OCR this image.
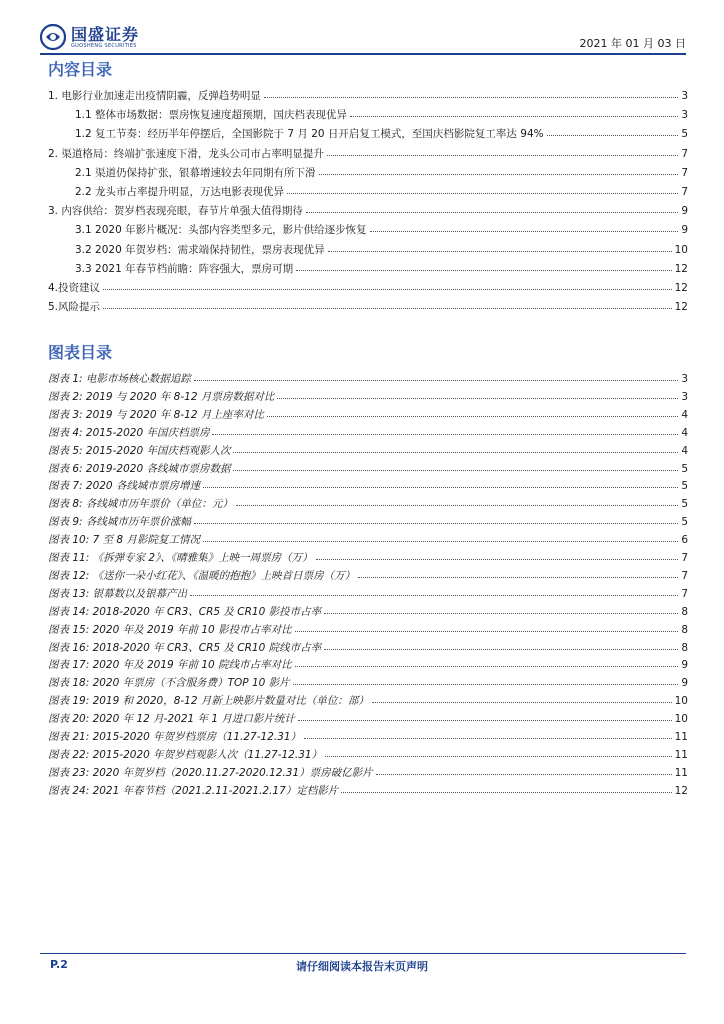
国盛证券
GUOSHENG SECURITIES	2021 年 01 月 03 日
内容目录
1. 电影行业加速走出疫情阴霾，反弹趋势明显	3
1.1 整体市场数据：票房恢复速度超预期，国庆档表现优异	3
1.2 复工节奏：经历半年停摆后，全国影院于 7 月 20 日开启复工模式，至国庆档影院复工率达 94%	5
2. 渠道格局：终端扩张速度下滑，龙头公司市占率明显提升	7
2.1 渠道仍保持扩张，银幕增速较去年同期有所下滑	7
2.2 龙头市占率提升明显，万达电影表现优异	7
3. 内容供给：贺岁档表现亮眼，春节片单强大值得期待	9
3.1 2020 年影片概况：头部内容类型多元，影片供给逐步恢复	9
3.2 2020 年贺岁档：需求端保持韧性，票房表现优异	10
3.3 2021 年春节档前瞻：阵容强大，票房可期	12
4.投资建议	12
5.风险提示	12
图表目录
图表 1: 电影市场核心数据追踪	3
图表 2: 2019 与 2020 年 8-12 月票房数据对比	3
图表 3: 2019 与 2020 年 8-12 月上座率对比	4
图表 4: 2015-2020 年国庆档票房	4
图表 5: 2015-2020 年国庆档观影人次	4
图表 6: 2019-2020 各线城市票房数据	5
图表 7: 2020 各线城市票房增速	5
图表 8: 各线城市历年票价（单位：元）	5
图表 9: 各线城市历年票价涨幅	5
图表 10: 7 至 8 月影院复工情况	6
图表 11: 《拆弹专家 2》、《晴雅集》上映一周票房（万）	7
图表 12: 《送你一朵小红花》、《温暖的抱抱》上映首日票房（万）	7
图表 13: 银幕数以及银幕产出	7
图表 14: 2018-2020 年 CR3、CR5 及 CR10 影投市占率	8
图表 15: 2020 年及 2019 年前 10 影投市占率对比	8
图表 16: 2018-2020 年 CR3、CR5 及 CR10 院线市占率	8
图表 17: 2020 年及 2019 年前 10 院线市占率对比	9
图表 18: 2020 年票房（不含服务费）TOP 10 影片	9
图表 19: 2019 和 2020，8-12 月新上映影片数量对比（单位：部）	10
图表 20: 2020 年 12 月-2021 年 1 月进口影片统计	10
图表 21: 2015-2020 年贺岁档票房（11.27-12.31）	11
图表 22: 2015-2020 年贺岁档观影人次（11.27-12.31）	11
图表 23: 2020 年贺岁档（2020.11.27-2020.12.31）票房破亿影片	11
图表 24: 2021 年春节档（2021.2.11-2021.2.17）定档影片	12
P.2	请仔细阅读本报告末页声明
